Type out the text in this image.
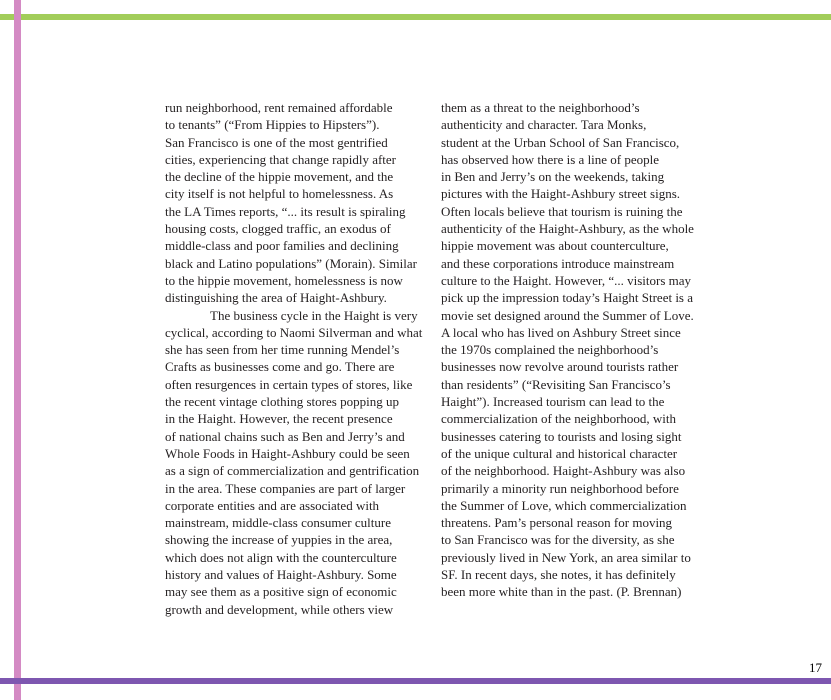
run neighborhood, rent remained affordable
to tenants” (“From Hippies to Hipsters”).
San Francisco is one of the most gentrified
cities, experiencing that change rapidly after
the decline of the hippie movement, and the
city itself is not helpful to homelessness. As
the LA Times reports, “... its result is spiraling
housing costs, clogged traffic, an exodus of
middle-class and poor families and declining
black and Latino populations” (Morain). Similar
to the hippie movement, homelessness is now
distinguishing the area of Haight-Ashbury.
The business cycle in the Haight is very
cyclical, according to Naomi Silverman and what
she has seen from her time running Mendel’s
Crafts as businesses come and go. There are
often resurgences in certain types of stores, like
the recent vintage clothing stores popping up
in the Haight. However, the recent presence
of national chains such as Ben and Jerry’s and
Whole Foods in Haight-Ashbury could be seen
as a sign of commercialization and gentrification
in the area. These companies are part of larger
corporate entities and are associated with
mainstream, middle-class consumer culture
showing the increase of yuppies in the area,
which does not align with the counterculture
history and values of Haight-Ashbury. Some
may see them as a positive sign of economic
growth and development, while others view
them as a threat to the neighborhood’s
authenticity and character. Tara Monks,
student at the Urban School of San Francisco,
has observed how there is a line of people
in Ben and Jerry’s on the weekends, taking
pictures with the Haight-Ashbury street signs.
Often locals believe that tourism is ruining the
authenticity of the Haight-Ashbury, as the whole
hippie movement was about counterculture,
and these corporations introduce mainstream
culture to the Haight. However, “... visitors may
pick up the impression today’s Haight Street is a
movie set designed around the Summer of Love.
A local who has lived on Ashbury Street since
the 1970s complained the neighborhood’s
businesses now revolve around tourists rather
than residents” (“Revisiting San Francisco’s
Haight”). Increased tourism can lead to the
commercialization of the neighborhood, with
businesses catering to tourists and losing sight
of the unique cultural and historical character
of the neighborhood. Haight-Ashbury was also
primarily a minority run neighborhood before
the Summer of Love, which commercialization
threatens. Pam’s personal reason for moving
to San Francisco was for the diversity, as she
previously lived in New York, an area similar to
SF. In recent days, she notes, it has definitely
been more white than in the past. (P. Brennan)
17
